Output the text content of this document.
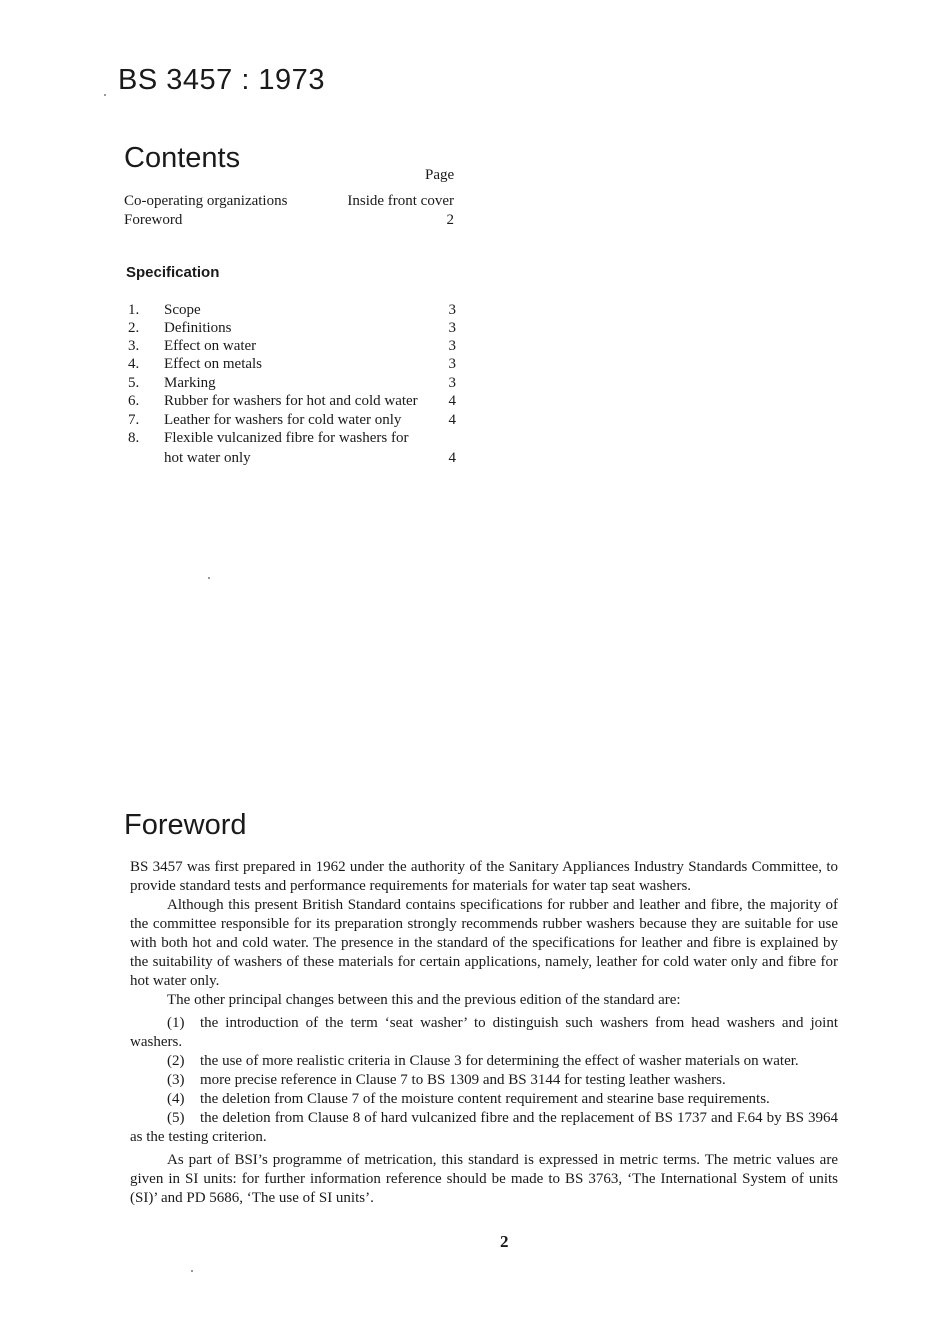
BS 3457 : 1973
Contents
Page
Co-operating organizations	Inside front cover
Foreword	2
Specification
1. Scope	3
2. Definitions	3
3. Effect on water	3
4. Effect on metals	3
5. Marking	3
6. Rubber for washers for hot and cold water 4
7. Leather for washers for cold water only	4
8. Flexible vulcanized fibre for washers for
hot water only	4
Foreword

BS 3457 was first prepared in 1962 under the authority of the Sanitary Appliances Industry Standards Committee, to provide standard tests and performance requirements for materials for water tap seat washers.

Although this present British Standard contains specifications for rubber and leather and fibre, the majority of the committee responsible for its preparation strongly recommends rubber washers because they are suitable for use with both hot and cold water. The presence in the standard of the specifications for leather and fibre is explained by the suitability of washers of these materials for certain applications, namely, leather for cold water only and fibre for hot water only.

The other principal changes between this and the previous edition of the standard are:

(1) the introduction of the term ‘seat washer’ to distinguish such washers from head washers and joint washers.

(2) the use of more realistic criteria in Clause 3 for determining the effect of washer materials on water.

(3) more precise reference in Clause 7 to BS 1309 and BS 3144 for testing leather washers.

(4) the deletion from Clause 7 of the moisture content requirement and stearine base requirements.

(5) the deletion from Clause 8 of hard vulcanized fibre and the replacement of BS 1737 and F.64 by BS 3964 as the testing criterion.

As part of BSI’s programme of metrication, this standard is expressed in metric terms. The metric values are given in SI units: for further information reference should be made to BS 3763, ‘The International System of units (SI)’ and PD 5686, ‘The use of SI units’.

2
